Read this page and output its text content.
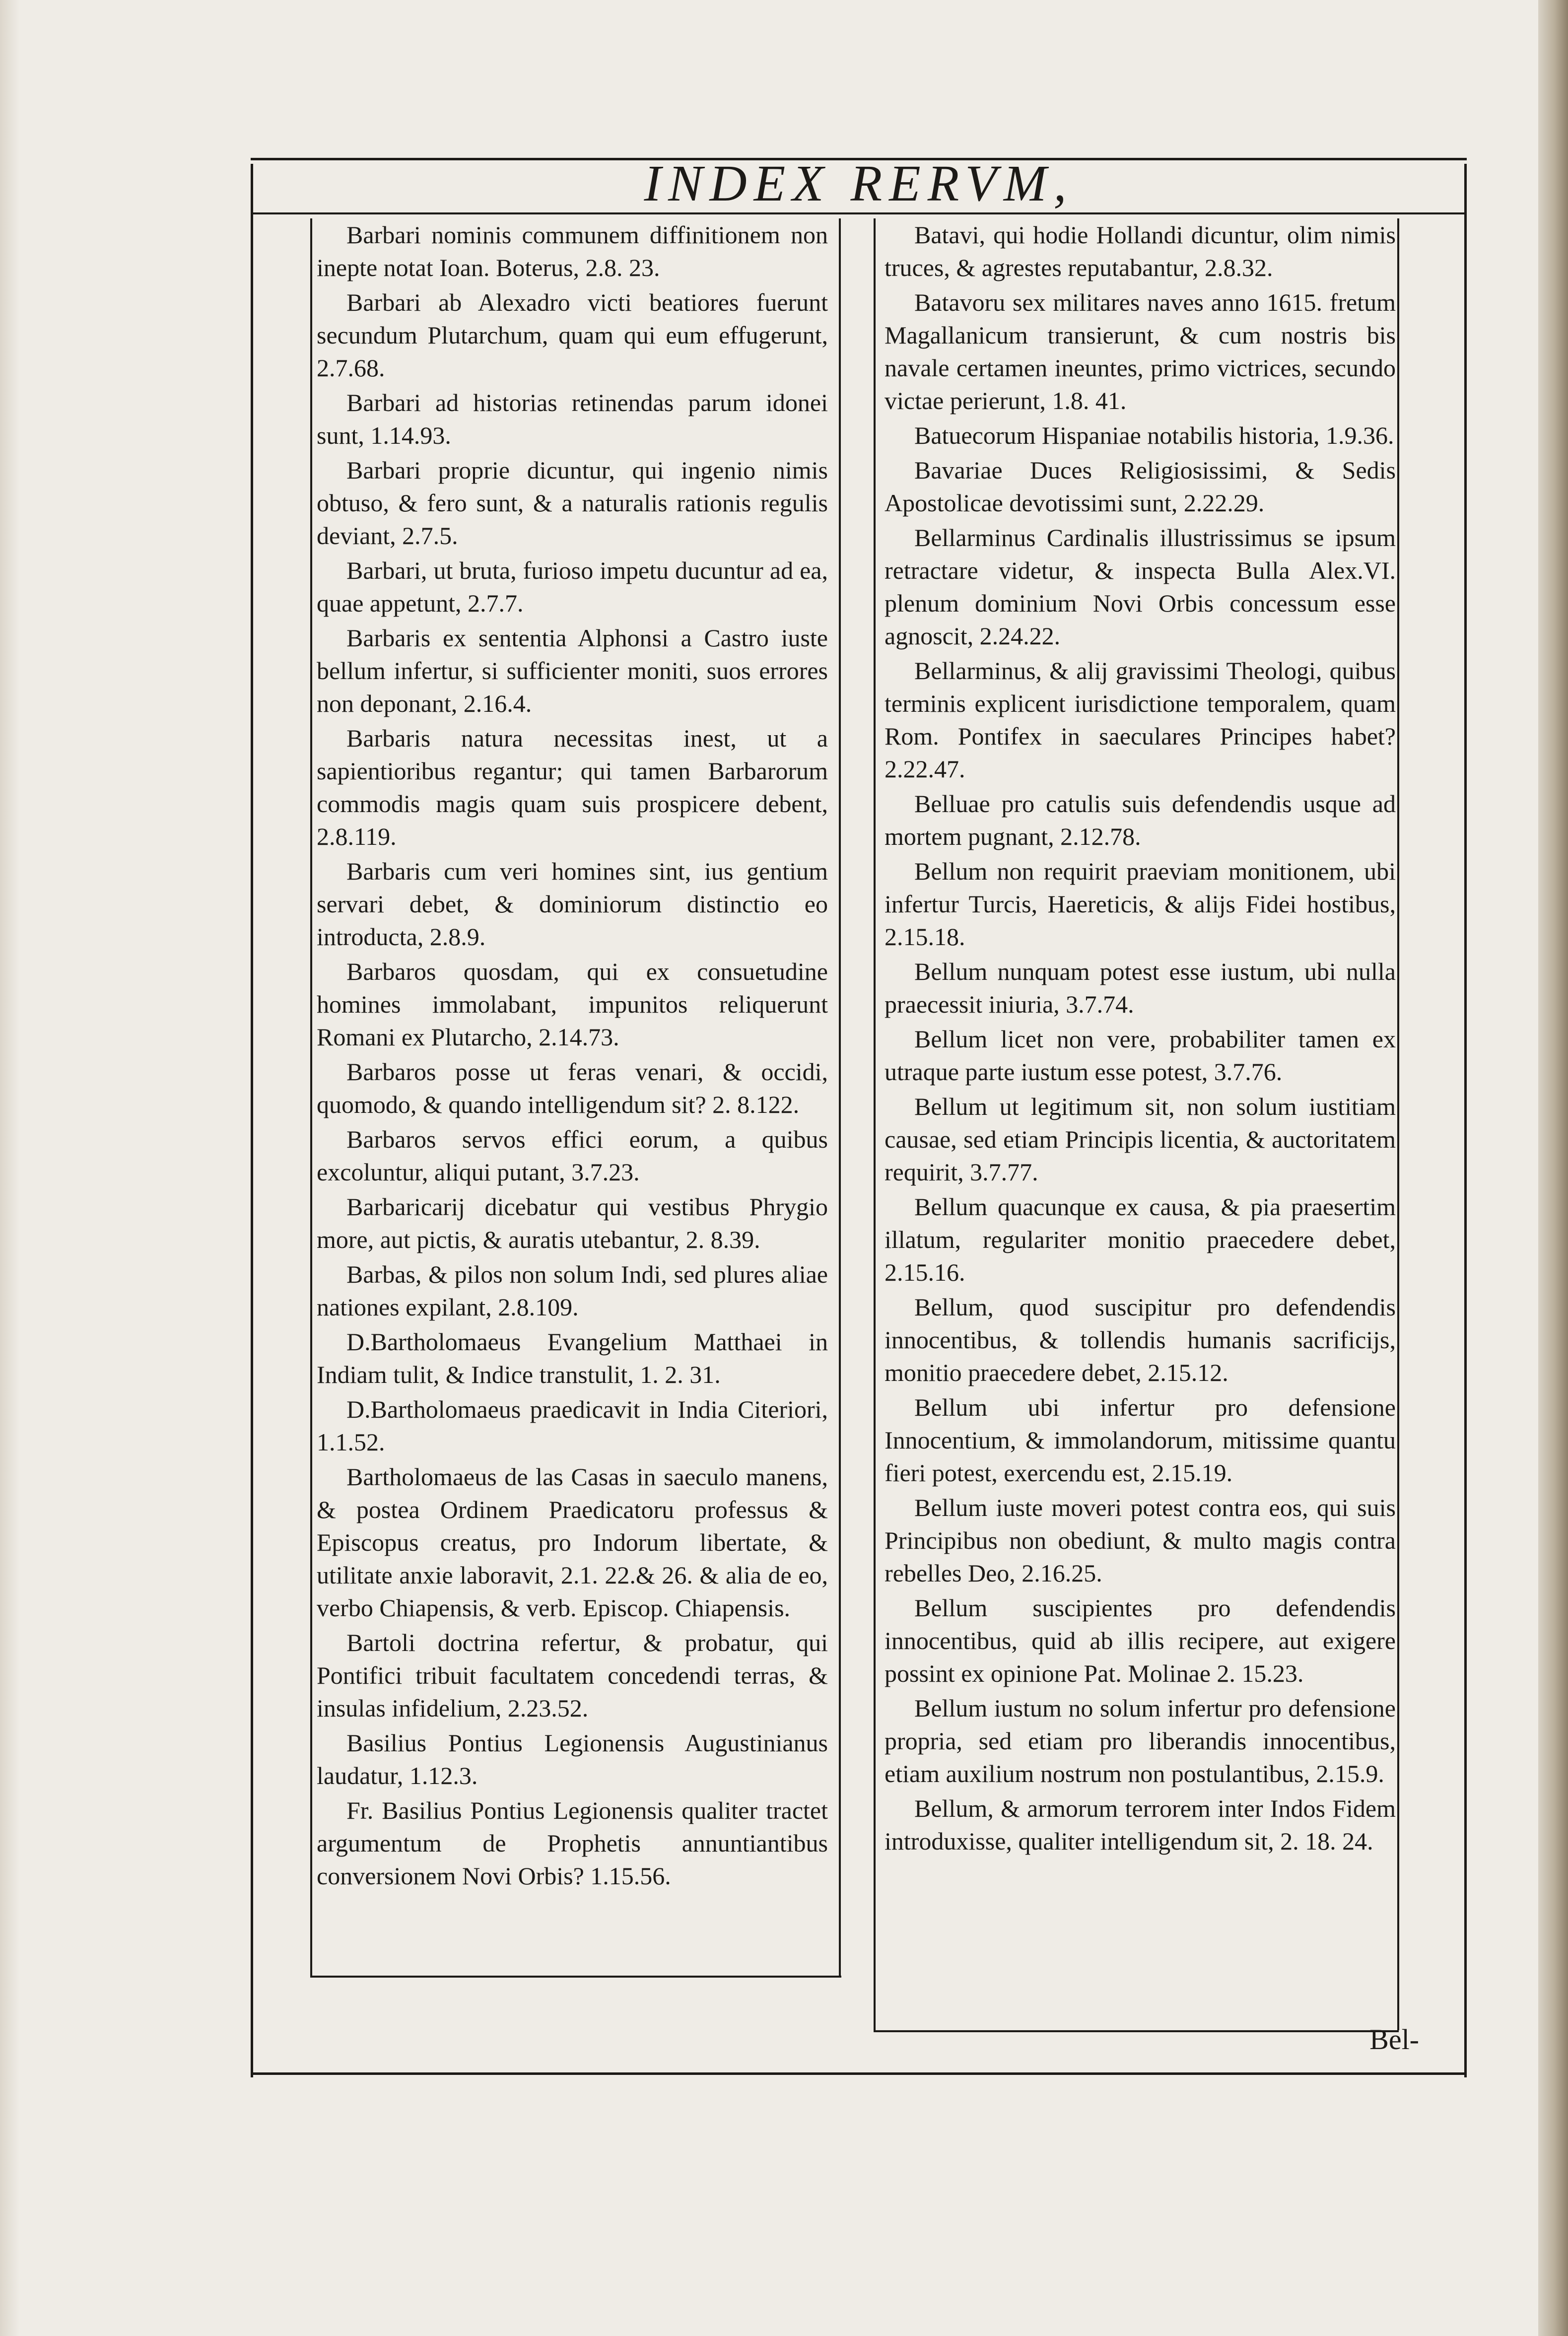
INDEX RERVM,

Barbari nominis communem diffinitionem non inepte notat Ioan. Boterus, 2.8. 23.

Barbari ab Alexadro victi beatiores fuerunt secundum Plutarchum, quam qui eum effugerunt, 2.7.68.

Barbari ad historias retinendas parum idonei sunt, 1.14.93.

Barbari proprie dicuntur, qui ingenio nimis obtuso, & fero sunt, & a naturalis rationis regulis deviant, 2.7.5.

Barbari, ut bruta, furioso impetu ducuntur ad ea, quae appetunt, 2.7.7.

Barbaris ex sententia Alphonsi a Castro iuste bellum infertur, si sufficienter moniti, suos errores non deponant, 2.16.4.

Barbaris natura necessitas inest, ut a sapientioribus regantur; qui tamen Barbarorum commodis magis quam suis prospicere debent, 2.8.119.

Barbaris cum veri homines sint, ius gentium servari debet, & dominiorum distinctio eo introducta, 2.8.9.

Barbaros quosdam, qui ex consuetudine homines immolabant, impunitos reliquerunt Romani ex Plutarcho, 2.14.73.

Barbaros posse ut feras venari, & occidi, quomodo, & quando intelligendum sit? 2. 8.122.

Barbaros servos effici eorum, a quibus excoluntur, aliqui putant, 3.7.23.

Barbaricarij dicebatur qui vestibus Phrygio more, aut pictis, & auratis utebantur, 2. 8.39.

Barbas, & pilos non solum Indi, sed plures aliae nationes expilant, 2.8.109.

D.Bartholomaeus Evangelium Matthaei in Indiam tulit, & Indice transtulit, 1. 2. 31.

D.Bartholomaeus praedicavit in India Citeriori, 1.1.52.

Bartholomaeus de las Casas in saeculo manens, & postea Ordinem Praedicatoru professus & Episcopus creatus, pro Indorum libertate, & utilitate anxie laboravit, 2.1. 22.& 26. & alia de eo, verbo Chiapensis, & verb. Episcop. Chiapensis.

Bartoli doctrina refertur, & probatur, qui Pontifici tribuit facultatem concedendi terras, & insulas infidelium, 2.23.52.

Basilius Pontius Legionensis Augustinianus laudatur, 1.12.3.

Fr. Basilius Pontius Legionensis qualiter tractet argumentum de Prophetis annuntiantibus conversionem Novi Orbis? 1.15.56.

Batavi, qui hodie Hollandi dicuntur, olim nimis truces, & agrestes reputabantur, 2.8.32.

Batavoru sex militares naves anno 1615. fretum Magallanicum transierunt, & cum nostris bis navale certamen ineuntes, primo victrices, secundo victae perierunt, 1.8. 41.

Batuecorum Hispaniae notabilis historia, 1.9.36.

Bavariae Duces Religiosissimi, & Sedis Apostolicae devotissimi sunt, 2.22.29.

Bellarminus Cardinalis illustrissimus se ipsum retractare videtur, & inspecta Bulla Alex.VI. plenum dominium Novi Orbis concessum esse agnoscit, 2.24.22.

Bellarminus, & alij gravissimi Theologi, quibus terminis explicent iurisdictione temporalem, quam Rom. Pontifex in saeculares Principes habet? 2.22.47.

Belluae pro catulis suis defendendis usque ad mortem pugnant, 2.12.78.

Bellum non requirit praeviam monitionem, ubi infertur Turcis, Haereticis, & alijs Fidei hostibus, 2.15.18.

Bellum nunquam potest esse iustum, ubi nulla praecessit iniuria, 3.7.74.

Bellum licet non vere, probabiliter tamen ex utraque parte iustum esse potest, 3.7.76.

Bellum ut legitimum sit, non solum iustitiam causae, sed etiam Principis licentia, & auctoritatem requirit, 3.7.77.

Bellum quacunque ex causa, & pia praesertim illatum, regulariter monitio praecedere debet, 2.15.16.

Bellum, quod suscipitur pro defendendis innocentibus, & tollendis humanis sacrificijs, monitio praecedere debet, 2.15.12.

Bellum ubi infertur pro defensione Innocentium, & immolandorum, mitissime quantu fieri potest, exercendu est, 2.15.19.

Bellum iuste moveri potest contra eos, qui suis Principibus non obediunt, & multo magis contra rebelles Deo, 2.16.25.

Bellum suscipientes pro defendendis innocentibus, quid ab illis recipere, aut exigere possint ex opinione Pat. Molinae 2. 15.23.

Bellum iustum no solum infertur pro defensione propria, sed etiam pro liberandis innocentibus, etiam auxilium nostrum non postulantibus, 2.15.9.

Bellum, & armorum terrorem inter Indos Fidem introduxisse, qualiter intelligendum sit, 2. 18. 24.

Bel-
